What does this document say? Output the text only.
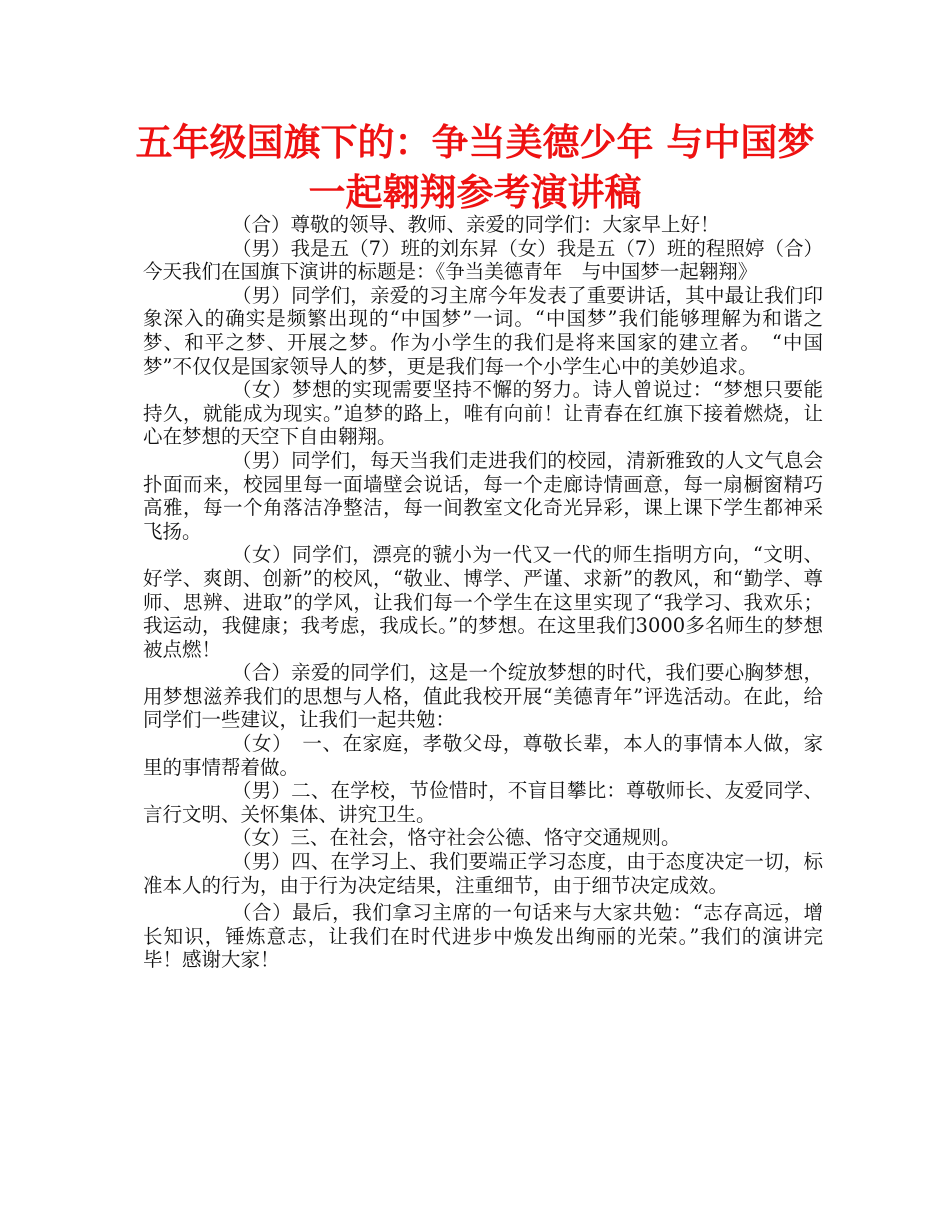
五年级国旗下的：争当美德少年 与中国梦
一起翱翔参考演讲稿

（合）尊敬的领导、教师、亲爱的同学们：大家早上好！

（男）我是五（7）班的刘东昇（女）我是五（7）班的程照婷（合）今天我们在国旗下演讲的标题是：《争当美德青年　与中国梦一起翱翔》

（男）同学们，亲爱的习主席今年发表了重要讲话，其中最让我们印象深入的确实是频繁出现的“中国梦”一词。“中国梦”我们能够理解为和谐之梦、和平之梦、开展之梦。作为小学生的我们是将来国家的建立者。　“中国梦”不仅仅是国家领导人的梦，更是我们每一个小学生心中的美妙追求。

（女）梦想的实现需要坚持不懈的努力。诗人曾说过：“梦想只要能持久，就能成为现实。”追梦的路上，唯有向前！让青春在红旗下接着燃烧，让心在梦想的天空下自由翱翔。

（男）同学们，每天当我们走进我们的校园，清新雅致的人文气息会扑面而来，校园里每一面墙壁会说话，每一个走廊诗情画意，每一扇橱窗精巧高雅，每一个角落洁净整洁，每一间教室文化奇光异彩，课上课下学生都神采飞扬。

（女）同学们，漂亮的虢小为一代又一代的师生指明方向，“文明、好学、爽朗、创新”的校风，“敬业、博学、严谨、求新”的教风，和“勤学、尊师、思辨、进取”的学风，让我们每一个学生在这里实现了“我学习、我欢乐；我运动，我健康；我考虑，我成长。”的梦想。在这里我们3000多名师生的梦想被点燃！

（合）亲爱的同学们，这是一个绽放梦想的时代，我们要心胸梦想，用梦想滋养我们的思想与人格，值此我校开展“美德青年”评选活动。在此，给同学们一些建议，让我们一起共勉：

（女）　一、在家庭，孝敬父母，尊敬长辈，本人的事情本人做，家里的事情帮着做。

（男）二、在学校，节俭惜时，不盲目攀比：尊敬师长、友爱同学、言行文明、关怀集体、讲究卫生。

（女）三、在社会，恪守社会公德、恪守交通规则。

（男）四、在学习上、我们要端正学习态度，由于态度决定一切，标准本人的行为，由于行为决定结果，注重细节，由于细节决定成效。

（合）最后，我们拿习主席的一句话来与大家共勉：“志存高远，增长知识，锤炼意志，让我们在时代进步中焕发出绚丽的光荣。”我们的演讲完毕！感谢大家！
